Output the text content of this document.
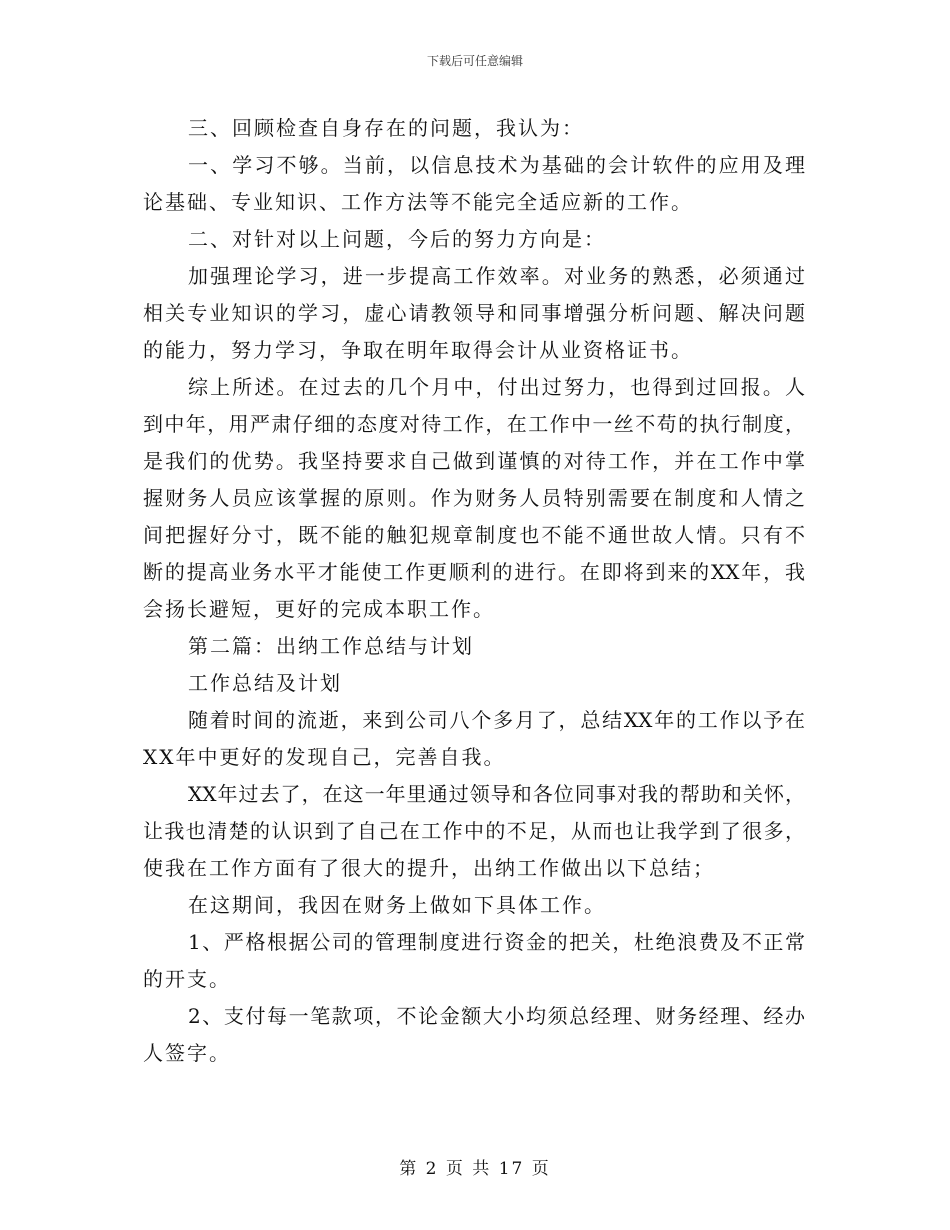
下载后可任意编辑
三、回顾检查自身存在的问题，我认为：
一、学习不够。当前，以信息技术为基础的会计软件的应用及理
论基础、专业知识、工作方法等不能完全适应新的工作。
二、对针对以上问题，今后的努力方向是：
加强理论学习，进一步提高工作效率。对业务的熟悉，必须通过
相关专业知识的学习，虚心请教领导和同事增强分析问题、解决问题
的能力，努力学习，争取在明年取得会计从业资格证书。
综上所述。在过去的几个月中，付出过努力，也得到过回报。人
到中年，用严肃仔细的态度对待工作，在工作中一丝不苟的执行制度，
是我们的优势。我坚持要求自己做到谨慎的对待工作，并在工作中掌
握财务人员应该掌握的原则。作为财务人员特别需要在制度和人情之
间把握好分寸，既不能的触犯规章制度也不能不通世故人情。只有不
断的提高业务水平才能使工作更顺利的进行。在即将到来的XX年，我
会扬长避短，更好的完成本职工作。
第二篇：出纳工作总结与计划
工作总结及计划
随着时间的流逝，来到公司八个多月了，总结XX年的工作以予在
XX年中更好的发现自己，完善自我。
XX年过去了，在这一年里通过领导和各位同事对我的帮助和关怀，
让我也清楚的认识到了自己在工作中的不足，从而也让我学到了很多，
使我在工作方面有了很大的提升，出纳工作做出以下总结；
在这期间，我因在财务上做如下具体工作。
1、严格根据公司的管理制度进行资金的把关，杜绝浪费及不正常
的开支。
2、支付每一笔款项，不论金额大小均须总经理、财务经理、经办
人签字。
第 2 页 共 17 页
